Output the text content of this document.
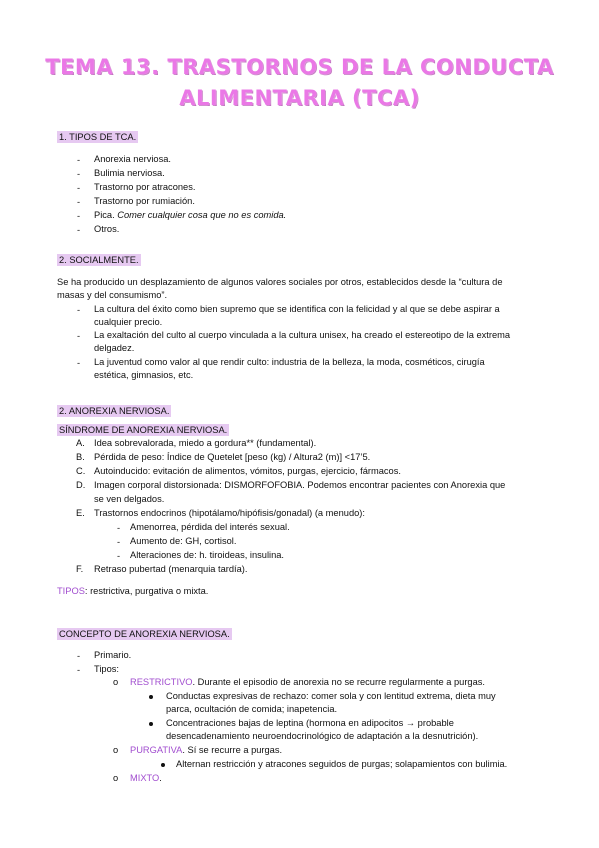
TEMA 13. TRASTORNOS DE LA CONDUCTA
ALIMENTARIA (TCA)
1. TIPOS DE TCA.
- Anorexia nerviosa.
- Bulimia nerviosa.
- Trastorno por atracones.
- Trastorno por rumiación.
- Pica. Comer cualquier cosa que no es comida.
- Otros.
2. SOCIALMENTE.
Se ha producido un desplazamiento de algunos valores sociales por otros, establecidos desde la “cultura de
masas y del consumismo”.
- La cultura del éxito como bien supremo que se identifica con la felicidad y al que se debe aspirar a
cualquier precio.
- La exaltación del culto al cuerpo vinculada a la cultura unisex, ha creado el estereotipo de la extrema
delgadez.
- La juventud como valor al que rendir culto: industria de la belleza, la moda, cosméticos, cirugía
estética, gimnasios, etc.
2. ANOREXIA NERVIOSA.
SÍNDROME DE ANOREXIA NERVIOSA.
A. Idea sobrevalorada, miedo a gordura** (fundamental).
B. Pérdida de peso: Índice de Quetelet [peso (kg) / Altura2 (m)] <17’5.
C. Autoinducido: evitación de alimentos, vómitos, purgas, ejercicio, fármacos.
D. Imagen corporal distorsionada: DISMORFOFOBIA. Podemos encontrar pacientes con Anorexia que
se ven delgados.
E. Trastornos endocrinos (hipotálamo/hipófisis/gonadal) (a menudo):
- Amenorrea, pérdida del interés sexual.
- Aumento de: GH, cortisol.
- Alteraciones de: h. tiroideas, insulina.
F. Retraso pubertad (menarquia tardía).
TIPOS: restrictiva, purgativa o mixta.
CONCEPTO DE ANOREXIA NERVIOSA.
- Primario.
- Tipos:
o RESTRICTIVO. Durante el episodio de anorexia no se recurre regularmente a purgas.
Conductas expresivas de rechazo: comer sola y con lentitud extrema, dieta muy
parca, ocultación de comida; inapetencia.
Concentraciones bajas de leptina (hormona en adipocitos → probable
desencadenamiento neuroendocrinológico de adaptación a la desnutrición).
o PURGATIVA. Sí se recurre a purgas.
Alternan restricción y atracones seguidos de purgas; solapamientos con bulimia.
o MIXTO.
